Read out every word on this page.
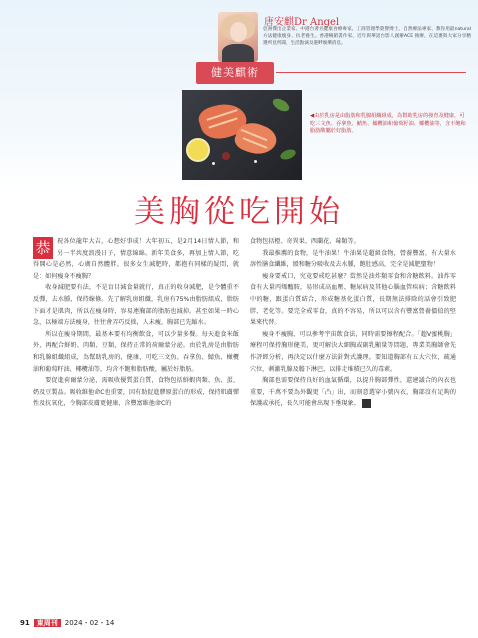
唐安麒Dr Angel
亞洲傑出企業家、中港台著名健康食療專家、工商管理學榮譽博士、自然療法專家、教你用最natural方法健康瘦身、抗老養生。香港暢銷書作家、近年與華語台影人創辦ACE 換療，在這裏與大家分享精選所見所聞，生活點滴及港畔娛樂消息。
健美麒術
◀由於乳房是由脂肪和乳腺組織組成，為幫助乳房的發育及健康，可吃三文魚、吞拿魚、鯖魚、橄欖油和葡萄籽油、椰欖油等，含不飽和脂肪酸屬於好脂肪。
美胸從吃開始

恭	祝各位龍年大吉，心想好事成！大年初五，是2月14日情人節，和另一半共度浪漫日子，情意綿綿。新年美食多，再加上情人節，吃得開心是必然，心廣自然體胖，很多女生減肥時，都抱有同樣的疑問，就是：如何瘦身不瘦胸？

收身減肥要有法，不是盲目減食量就行，真正的收身減肥，是令體重不反彈，去水腫，保持線條。先了解乳房組織，乳房有75%由脂肪組成，脂肪下面才是肌肉，所以在瘦身時，容易連胸部的脂肪也減掉。甚至如果一時心急，以極端方法瘦身，往往會弄巧反拙，人未瘦，胸部已先縮水。

所以在瘦身期間，最基本要有均衡飲食，可以少量多餐。每天進食米飯外，再配合鮮奶、肉類、豆類，保持正常的荷爾蒙分泌。由於乳房是由脂肪和乳腺組織組成，為幫助乳房的，健康，可吃三文魚、吞拿魚、鯖魚、橄欖油和葡萄籽油、椰欖油等，均含不飽和脂肪酸，屬於好脂肪。

要促進荷爾蒙分泌，需吸收優質蛋白質，食物包括鮮蝦肉類、魚、蛋、奶及豆製品。吸收維他命C也重要，因有助促進膠原蛋白的形成，保持肌膚彈性及抗氧化，令胸部皮膚更健康，含豐富維他命C的

食物包括橙、奇異果、西蘭花、莓類等。

我最推薦的食物，是牛油果！牛油果是超級食物，營養豐富，有大量水溶性膳食纖維，緩和糖分吸收及去水腫，飽肚感高，完全是減肥聖物！

瘦身要戒口，究竟要戒吃甚麼？當然是油炸類零食和含糖飲料。油炸零食有大量丙烯醯胺，易形成高血壓、糖尿病及其他心腦血管疾病；含糖飲料中的糖，跟蛋白質結合，形成糖基化蛋白質，長期無法排除的話會引致肥胖、老化等。要完全戒零食，真的不容易，所以可以含有豐富營養價值的堅果來代替。

瘦身不瘦胸，可以參考宇宙飲食法，同時需要擦程配合。「超V蜜桃胸」療程可保持胸形健美，更可解決大細胸或副乳顯量等問題，專業美胸師會先作評經分析，再決定以什麼方法針對式護理。要知道胸部有五大穴位，疏通穴位，刺激乳腺及膽下淋巴，以排走堆積已久的毒素。

胸部也需要保持良好的血氣循環，以提升胸部彈性，還建議合的內衣也重要，千萬不要為外觀更「凸」出，而刻意選穿小號內衣，胸部沒有足夠的保護或承托，長久可能會出現下垂現象。 E

91 東周刊 2024・02・14
